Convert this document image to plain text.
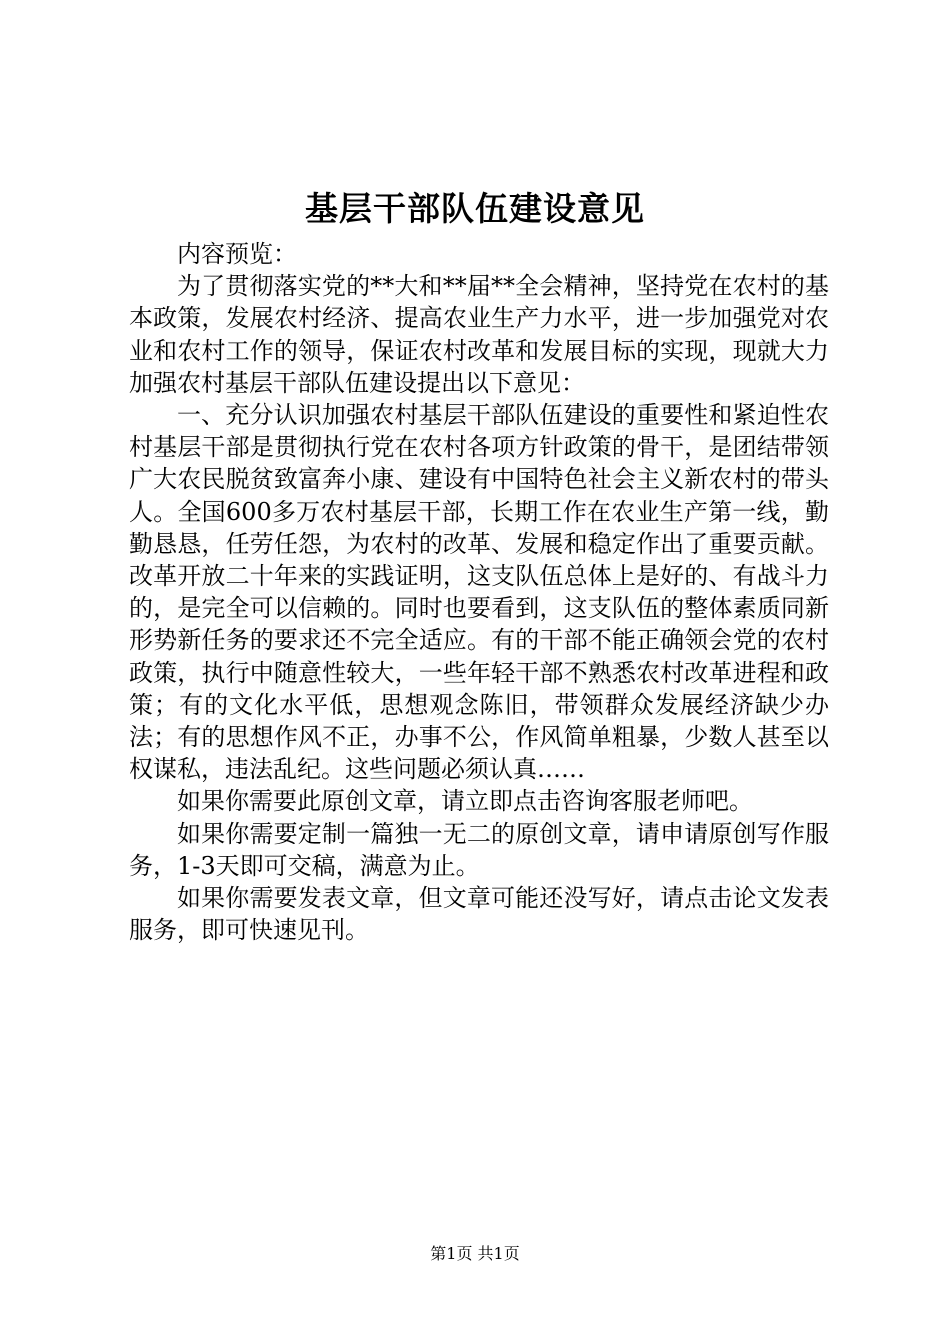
基层干部队伍建设意见

内容预览：

为了贯彻落实党的**大和**届**全会精神，坚持党在农村的基本政策，发展农村经济、提高农业生产力水平，进一步加强党对农业和农村工作的领导，保证农村改革和发展目标的实现，现就大力加强农村基层干部队伍建设提出以下意见：

一、充分认识加强农村基层干部队伍建设的重要性和紧迫性农村基层干部是贯彻执行党在农村各项方针政策的骨干，是团结带领广大农民脱贫致富奔小康、建设有中国特色社会主义新农村的带头人。全国600多万农村基层干部，长期工作在农业生产第一线，勤勤恳恳，任劳任怨，为农村的改革、发展和稳定作出了重要贡献。改革开放二十年来的实践证明，这支队伍总体上是好的、有战斗力的，是完全可以信赖的。同时也要看到，这支队伍的整体素质同新形势新任务的要求还不完全适应。有的干部不能正确领会党的农村政策，执行中随意性较大，一些年轻干部不熟悉农村改革进程和政策；有的文化水平低，思想观念陈旧，带领群众发展经济缺少办法；有的思想作风不正，办事不公，作风简单粗暴，少数人甚至以权谋私，违法乱纪。这些问题必须认真……

如果你需要此原创文章，请立即点击咨询客服老师吧。

如果你需要定制一篇独一无二的原创文章，请申请原创写作服务，1-3天即可交稿，满意为止。

如果你需要发表文章，但文章可能还没写好，请点击论文发表服务，即可快速见刊。

第1页 共1页
